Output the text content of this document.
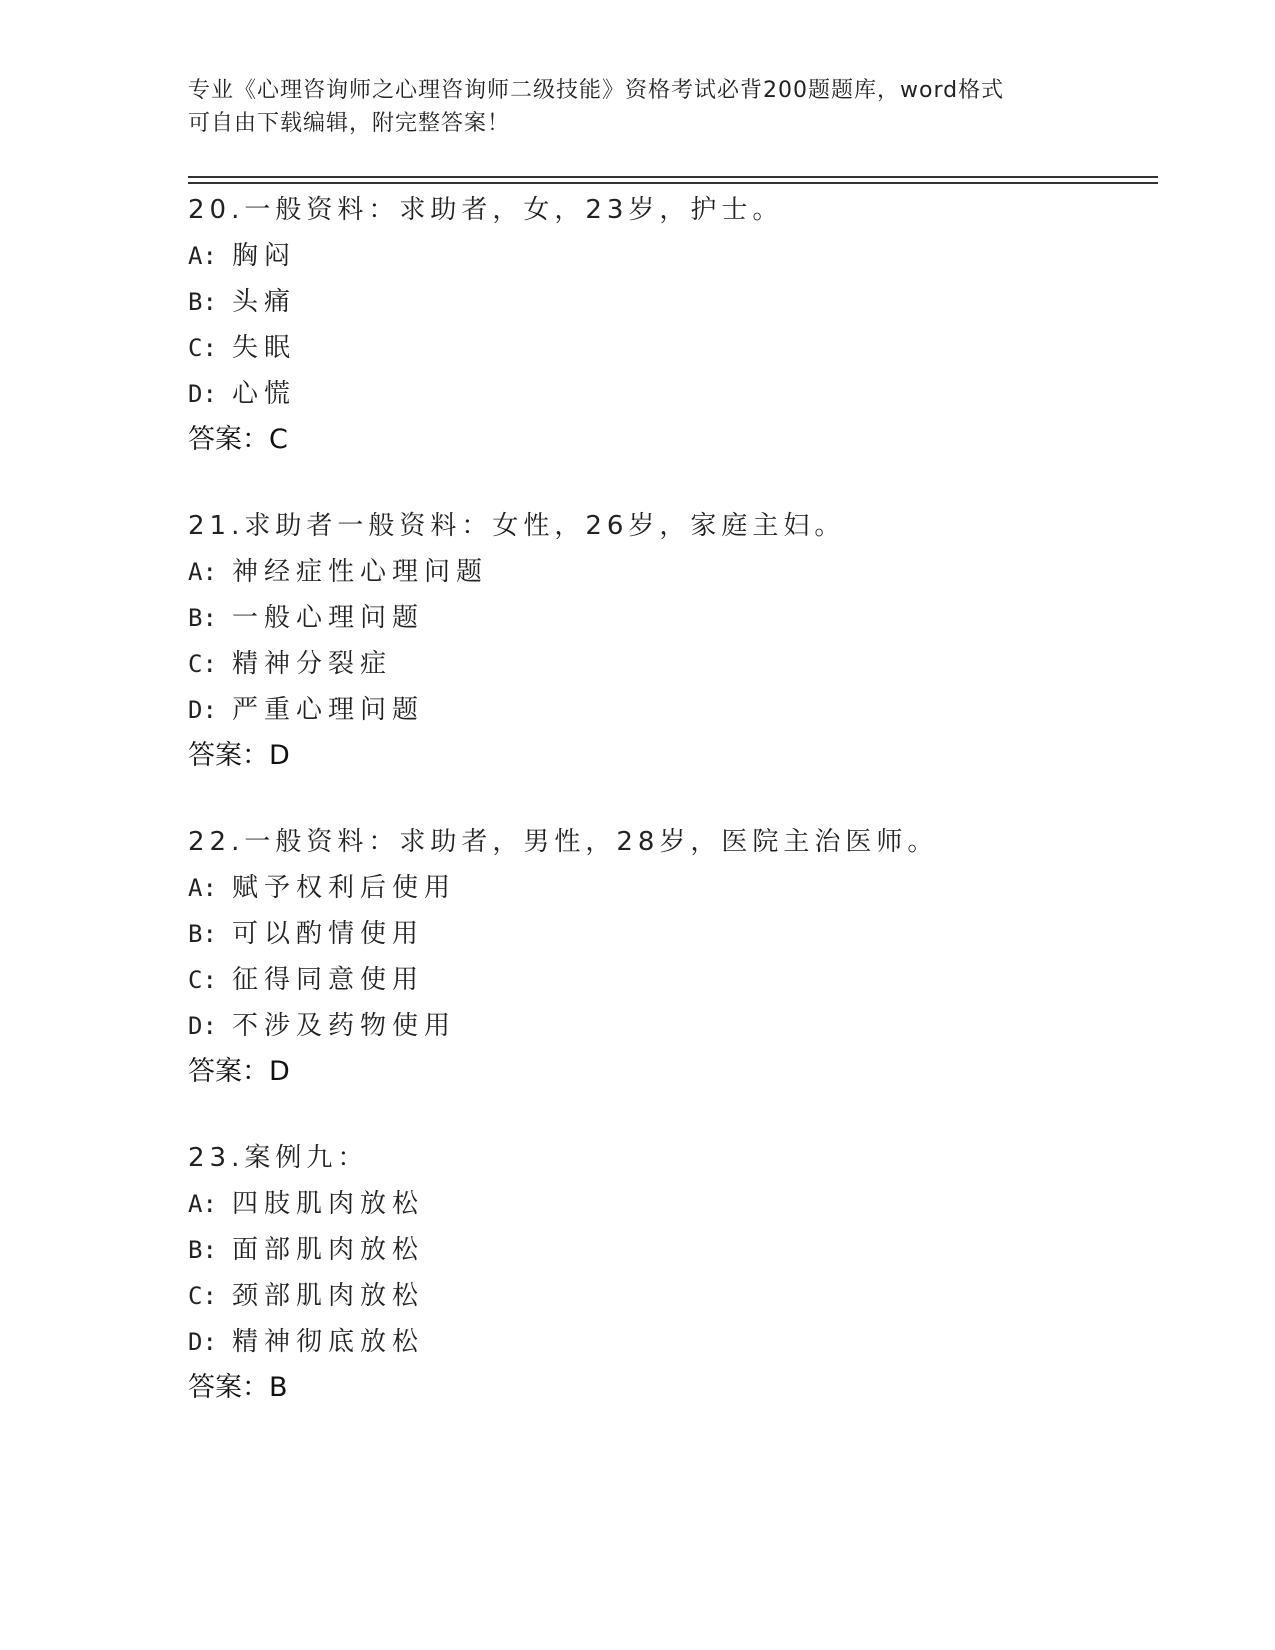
专业《心理咨询师之心理咨询师二级技能》资格考试必背200题题库，word格式
可自由下载编辑，附完整答案！
20.一般资料：求助者，女，23岁，护士。
A: 胸闷
B: 头痛
C: 失眠
D: 心慌
答案：C
21.求助者一般资料：女性，26岁，家庭主妇。
A: 神经症性心理问题
B: 一般心理问题
C: 精神分裂症
D: 严重心理问题
答案：D
22.一般资料：求助者，男性，28岁，医院主治医师。
A: 赋予权利后使用
B: 可以酌情使用
C: 征得同意使用
D: 不涉及药物使用
答案：D
23.案例九：
A: 四肢肌肉放松
B: 面部肌肉放松
C: 颈部肌肉放松
D: 精神彻底放松
答案：B
